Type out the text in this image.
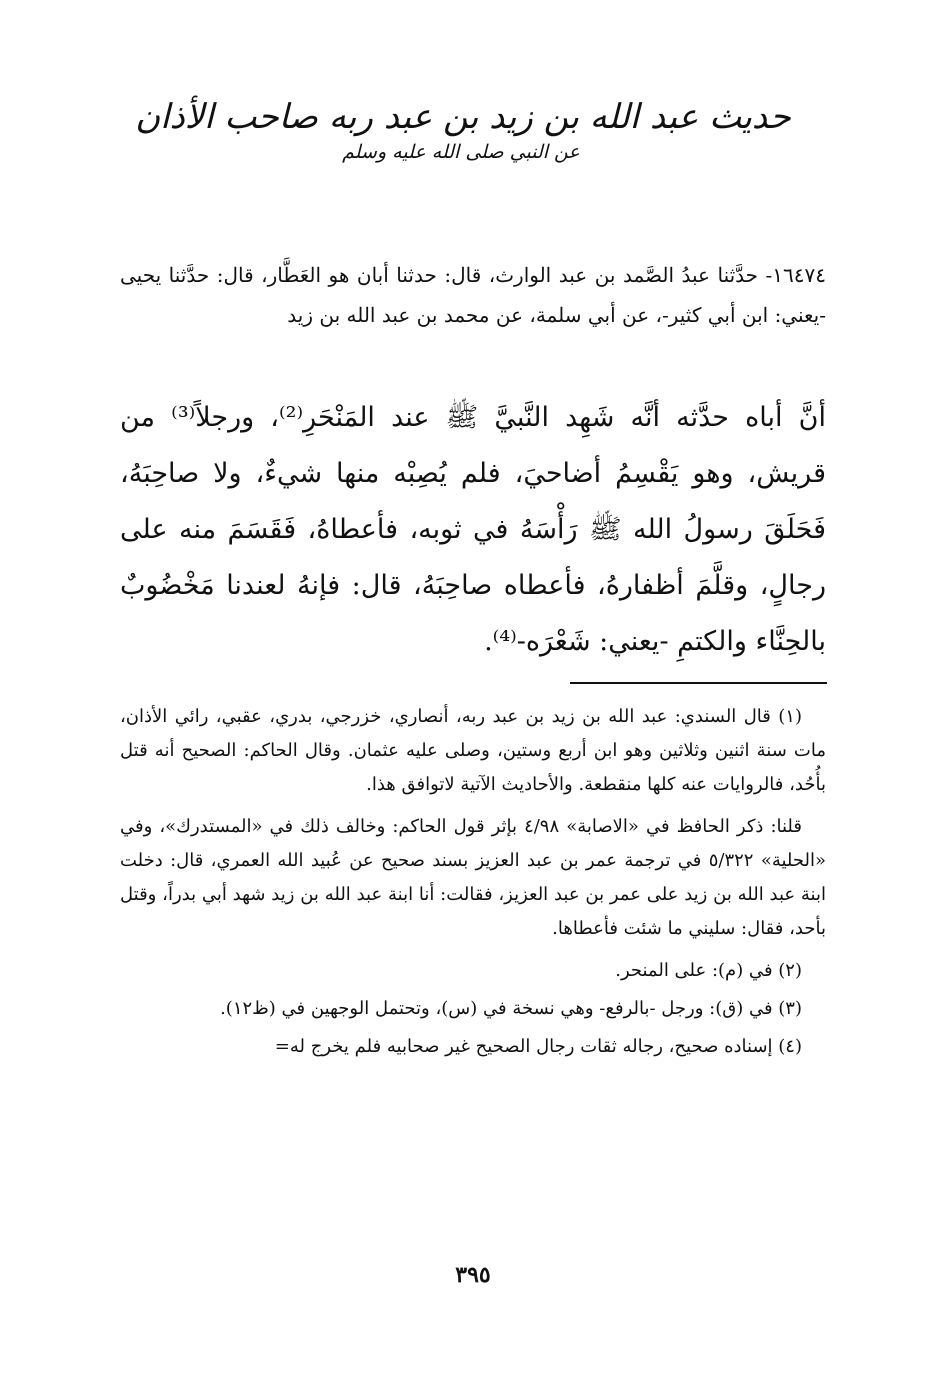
حديث عبد الله بن زيد بن عبد ربه صاحب الأذان
عن النبي صلى الله عليه وسلم
١٦٤٧٤- حدَّثنا عبدُ الصَّمد بن عبد الوارث، قال: حدثنا أبان هو العَطَّار، قال: حدَّثنا يحيى -يعني: ابن أبي كثير-، عن أبي سلمة، عن محمد بن عبد الله بن زيد
أنَّ أباه حدَّثه أنَّه شَهِد النَّبيَّ ﷺ عند المَنْحَرِ⁽²⁾، ورجلاً⁽³⁾ من قريش، وهو يَقْسِمُ أضاحيَ، فلم يُصِبْه منها شيءٌ، ولا صاحِبَهُ، فَحَلَقَ رسولُ الله ﷺ رَأْسَهُ في ثوبه، فأعطاهُ، فَقَسَمَ منه على رجالٍ، وقلَّمَ أظفارهُ، فأعطاه صاحِبَهُ، قال: فإنهُ لعندنا مَخْضُوبٌ بالحِنَّاء والكتمِ -يعني: شَعْرَه-⁽⁴⁾.

(١) قال السندي: عبد الله بن زيد بن عبد ربه، أنصاري، خزرجي، بدري، عقبي، رائي الأذان، مات سنة اثنين وثلاثين وهو ابن أربع وستين، وصلى عليه عثمان. وقال الحاكم: الصحيح أنه قتل بأُحُد، فالروايات عنه كلها منقطعة. والأحاديث الآتية لاتوافق هذا.

قلنا: ذكر الحافظ في «الاصابة» ٤/٩٨ بإثر قول الحاكم: وخالف ذلك في «المستدرك»، وفي «الحلية» ٥/٣٢٢ في ترجمة عمر بن عبد العزيز بسند صحيح عن عُبيد الله العمري، قال: دخلت ابنة عبد الله بن زيد على عمر بن عبد العزيز، فقالت: أنا ابنة عبد الله بن زيد شهد أبي بدراً، وقتل بأحد، فقال: سليني ما شئت فأعطاها.

(٢) في (م): على المنحر.

(٣) في (ق): ورجل -بالرفع- وهي نسخة في (س)، وتحتمل الوجهين في (ظ١٢).

(٤) إسناده صحيح، رجاله ثقات رجال الصحيح غير صحابيه فلم يخرج له=

٣٩٥
